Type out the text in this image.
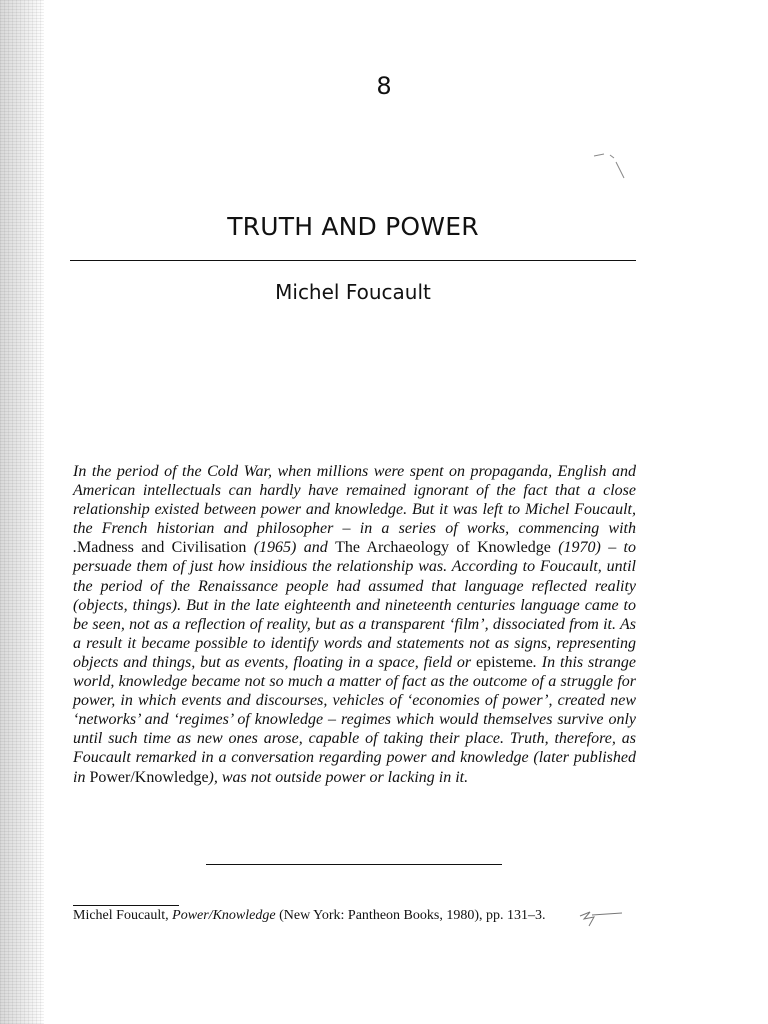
8
TRUTH AND POWER
Michel Foucault
In the period of the Cold War, when millions were spent on propaganda, English and American intellectuals can hardly have remained ignorant of the fact that a close relationship existed between power and knowledge. But it was left to Michel Foucault, the French historian and philosopher – in a series of works, commencing with .Madness and Civilisation (1965) and The Archaeology of Knowledge (1970) – to persuade them of just how insidious the relationship was. According to Foucault, until the period of the Renaissance people had assumed that language reflected reality (objects, things). But in the late eighteenth and nineteenth centuries language came to be seen, not as a reflection of reality, but as a transparent ‘film’, dissociated from it. As a result it became possible to identify words and statements not as signs, representing objects and things, but as events, floating in a space, field or episteme. In this strange world, knowledge became not so much a matter of fact as the outcome of a struggle for power, in which events and discourses, vehicles of ‘economies of power’, created new ‘networks’ and ‘regimes’ of knowledge – regimes which would themselves survive only until such time as new ones arose, capable of taking their place. Truth, therefore, as Foucault remarked in a conversation regarding power and knowledge (later published in Power/Knowledge), was not outside power or lacking in it.
Michel Foucault, Power/Knowledge (New York: Pantheon Books, 1980), pp. 131–3.
